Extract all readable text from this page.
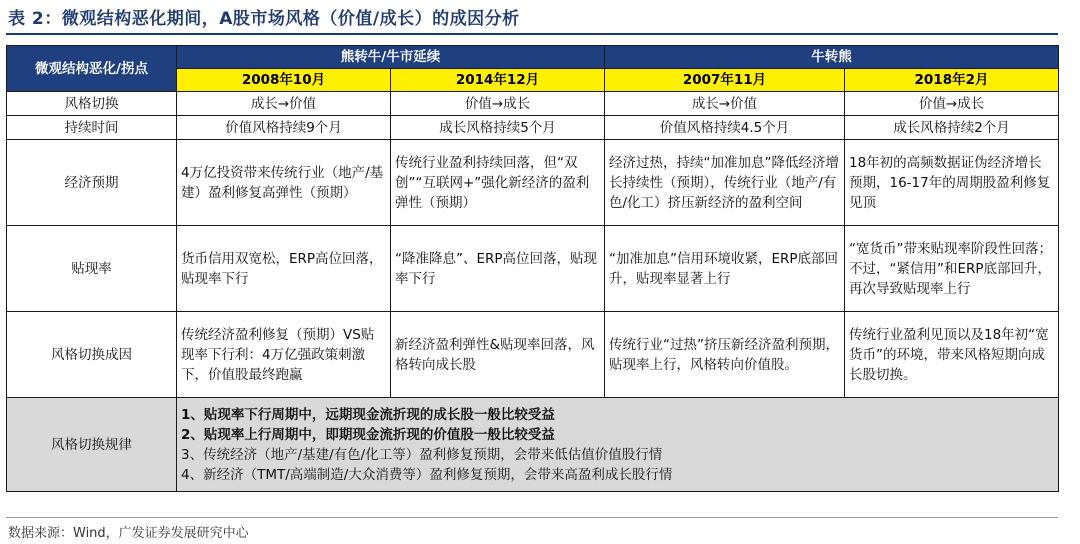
表 2：微观结构恶化期间，A股市场风格（价值/成长）的成因分析
微观结构恶化/拐点	熊转牛/牛市延续		牛转熊	
	2008年10月	2014年12月	2007年11月	2018年2月
风格切换	成长→价值	价值→成长	成长→价值	价值→成长
持续时间	价值风格持续9个月	成长风格持续5个月	价值风格持续4.5个月	成长风格持续2个月
经济预期	4万亿投资带来传统行业（地产/基建）盈利修复高弹性（预期）	传统行业盈利持续回落，但“双创”“互联网+”强化新经济的盈利弹性（预期）	经济过热，持续“加准加息”降低经济增长持续性（预期），传统行业（地产/有色/化工）挤压新经济的盈利空间	18年初的高频数据证伪经济增长预期，16-17年的周期股盈利修复见顶
贴现率	货币信用双宽松，ERP高位回落，贴现率下行	“降准降息”、ERP高位回落，贴现率下行	“加准加息”信用环境收紧，ERP底部回升，贴现率显著上行	“宽货币”带来贴现率阶段性回落；不过，“紧信用”和ERP底部回升，再次导致贴现率上行
风格切换成因	传统经济盈利修复（预期）VS贴现率下行利：4万亿强政策刺激下，价值股最终跑赢	新经济盈利弹性&贴现率回落，风格转向成长股	传统行业“过热”挤压新经济盈利预期，贴现率上行，风格转向价值股。	传统行业盈利见顶以及18年初“宽货币”的环境，带来风格短期向成长股切换。
风格切换规律	1、贴现率下行周期中，远期现金流折现的成长股一般比较受益
2、贴现率上行周期中，即期现金流折现的价值股一般比较受益
3、传统经济（地产/基建/有色/化工等）盈利修复预期，会带来低估值价值股行情
4、新经济（TMT/高端制造/大众消费等）盈利修复预期，会带来高盈利成长股行情			
数据来源：Wind，广发证券发展研究中心
